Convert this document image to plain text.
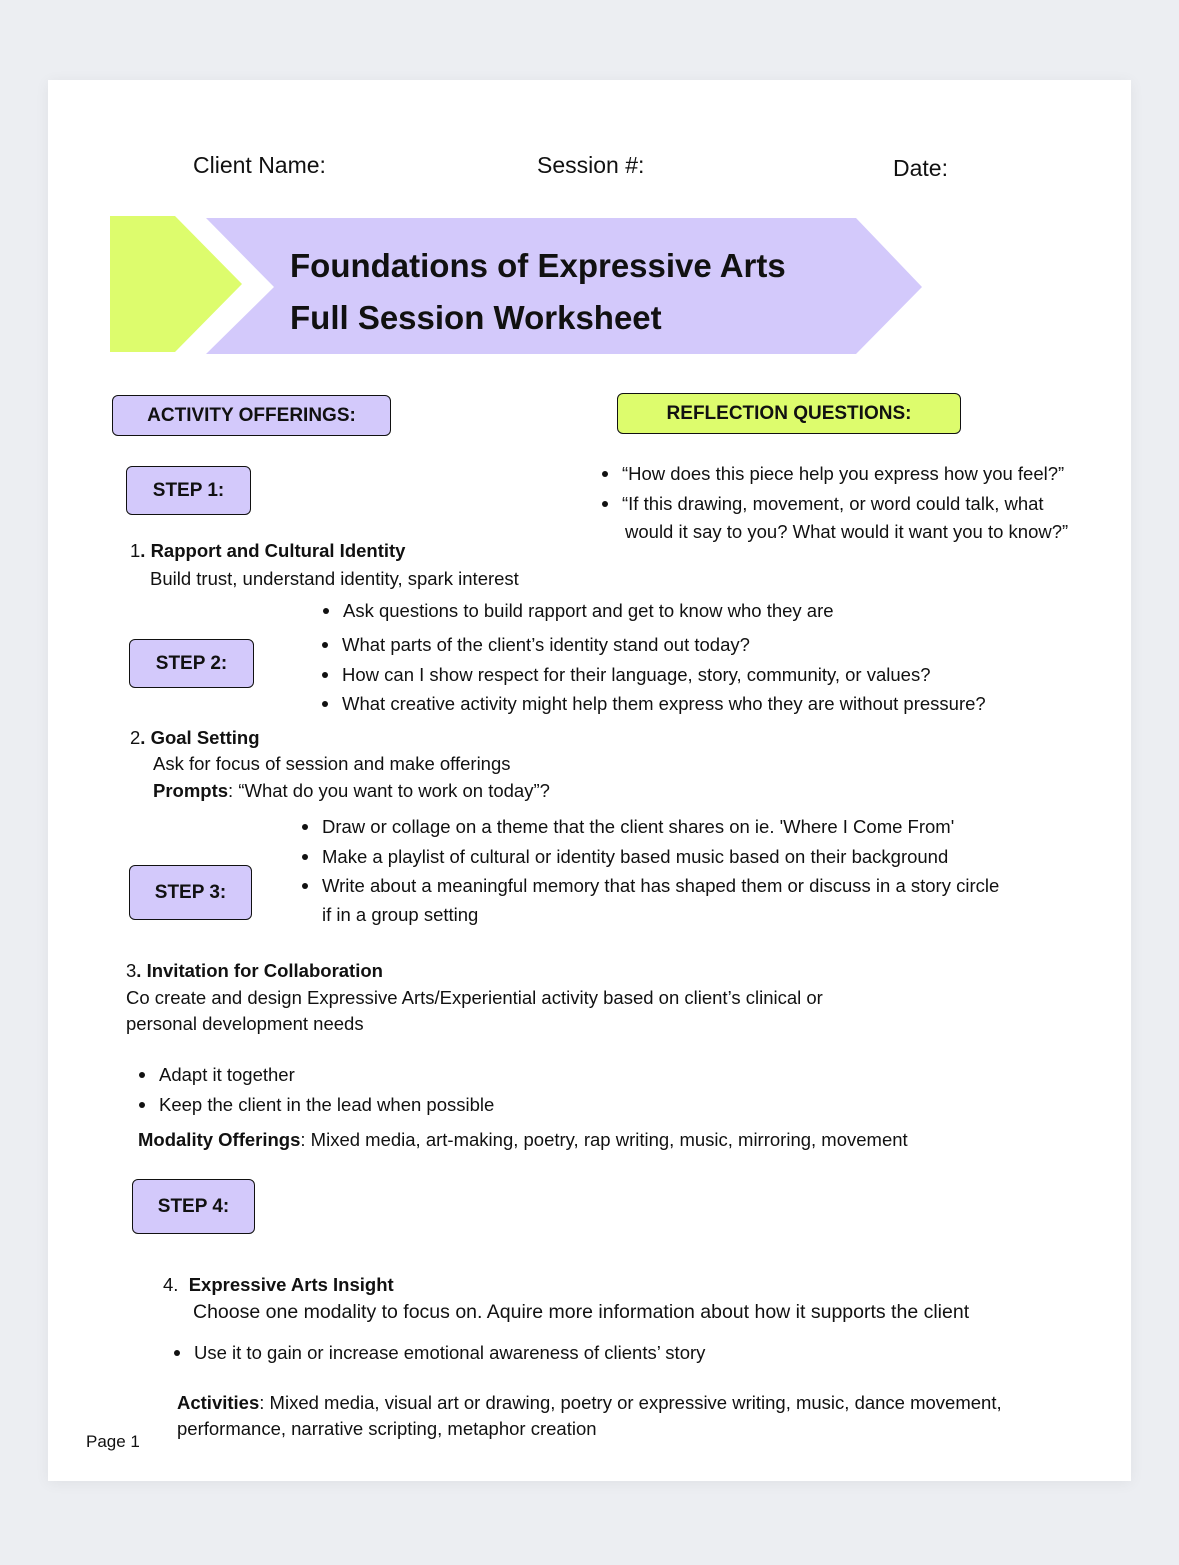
Client Name:	Session #:	Date:
Foundations of Expressive Arts
Full Session Worksheet
ACTIVITY OFFERINGS:	REFLECTION QUESTIONS:
“How does this piece help you express how you feel?”
“If this drawing, movement, or word could talk, what
would it say to you? What would it want you to know?”
STEP 1:
STEP 2:
STEP 3:
STEP 4:
1. Rapport and Cultural Identity
Build trust, understand identity, spark interest
Ask questions to build rapport and get to know who they are
What parts of the client’s identity stand out today?
How can I show respect for their language, story, community, or values?
What creative activity might help them express who they are without pressure?
2. Goal Setting
Ask for focus of session and make offerings
Prompts: “What do you want to work on today”?
Draw or collage on a theme that the client shares on ie. 'Where I Come From'
Make a playlist of cultural or identity based music based on their background
Write about a meaningful memory that has shaped them or discuss in a story circle
if in a group setting
3. Invitation for Collaboration
Co create and design Expressive Arts/Experiential activity based on client’s clinical or
personal development needs
Adapt it together
Keep the client in the lead when possible
Modality Offerings: Mixed media, art-making, poetry, rap writing, music, mirroring, movement
4. Expressive Arts Insight
Choose one modality to focus on. Aquire more information about how it supports the client
Use it to gain or increase emotional awareness of clients’ story
Activities: Mixed media, visual art or drawing, poetry or expressive writing, music, dance movement,
performance, narrative scripting, metaphor creation
Page 1
